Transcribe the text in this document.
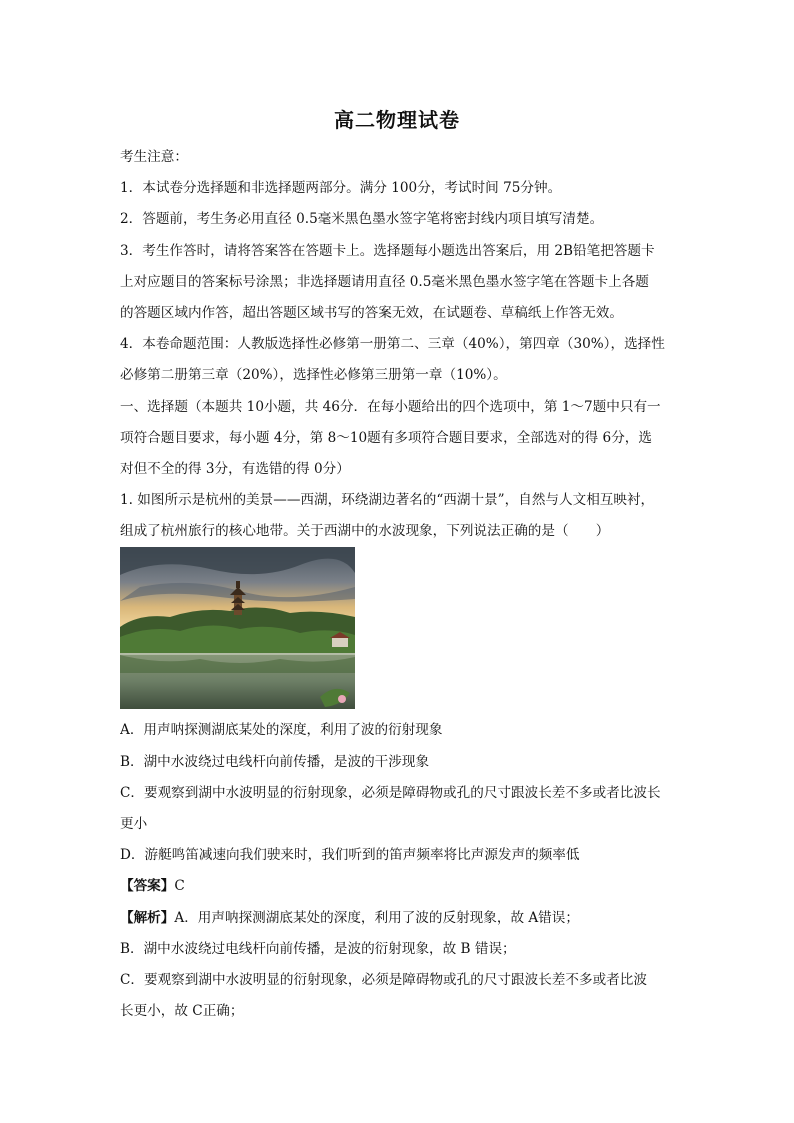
高二物理试卷
考生注意：
1．本试卷分选择题和非选择题两部分。满分 100分，考试时间 75分钟。
2．答题前，考生务必用直径 0.5毫米黑色墨水签字笔将密封线内项目填写清楚。
3．考生作答时，请将答案答在答题卡上。选择题每小题选出答案后，用 2B铅笔把答题卡
上对应题目的答案标号涂黑；非选择题请用直径 0.5毫米黑色墨水签字笔在答题卡上各题
的答题区域内作答，超出答题区域书写的答案无效，在试题卷、草稿纸上作答无效。
4．本卷命题范围：人教版选择性必修第一册第二、三章（40%），第四章（30%），选择性
必修第二册第三章（20%），选择性必修第三册第一章（10%）。
一、选择题（本题共 10小题，共 46分．在每小题给出的四个选项中，第 1～7题中只有一
项符合题目要求，每小题 4分，第 8～10题有多项符合题目要求，全部选对的得 6分，选
对但不全的得 3分，有选错的得 0分）
1. 如图所示是杭州的美景——西湖，环绕湖边著名的“西湖十景”，自然与人文相互映衬，
组成了杭州旅行的核心地带。关于西湖中的水波现象，下列说法正确的是（　　）
A．用声呐探测湖底某处的深度，利用了波的衍射现象
B．湖中水波绕过电线杆向前传播，是波的干涉现象
C．要观察到湖中水波明显的衍射现象，必须是障碍物或孔的尺寸跟波长差不多或者比波长
更小
D．游艇鸣笛减速向我们驶来时，我们听到的笛声频率将比声源发声的频率低
【答案】C
【解析】A．用声呐探测湖底某处的深度，利用了波的反射现象，故 A错误；
B．湖中水波绕过电线杆向前传播，是波的衍射现象，故 B 错误；
C．要观察到湖中水波明显的衍射现象，必须是障碍物或孔的尺寸跟波长差不多或者比波
长更小，故 C正确；
